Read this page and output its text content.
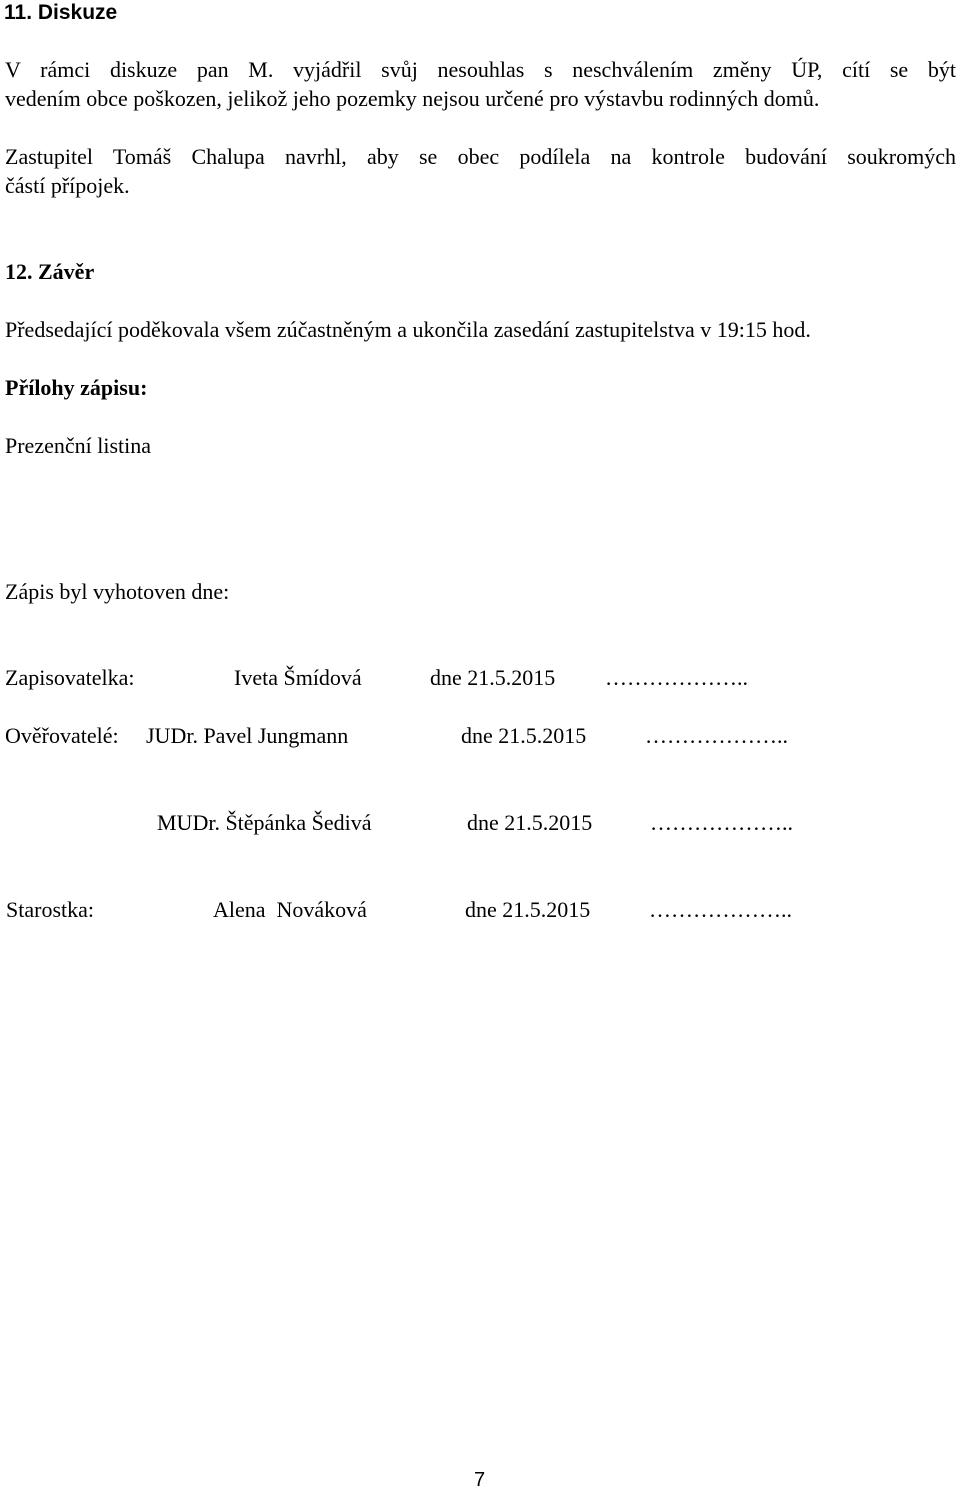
11. Diskuze
V rámci diskuze pan M. vyjádřil svůj nesouhlas s neschválením změny ÚP, cítí se být
vedením obce poškozen, jelikož jeho pozemky nejsou určené pro výstavbu rodinných domů.
Zastupitel Tomáš Chalupa navrhl, aby se obec podílela na kontrole budování soukromých
částí přípojek.
12. Závěr
Předsedající poděkovala všem zúčastněným a ukončila zasedání zastupitelstva v 19:15 hod.
Přílohy zápisu:
Prezenční listina
Zápis byl vyhotoven dne:
Zapisovatelka:	Iveta Šmídová	dne 21.5.2015 ………………..
Ověřovatelé: JUDr. Pavel Jungmann	dne 21.5.2015	………………..
MUDr. Štěpánka Šedivá	dne 21.5.2015	………………..
Starostka:	Alena  Nováková	dne 21.5.2015	………………..
7
